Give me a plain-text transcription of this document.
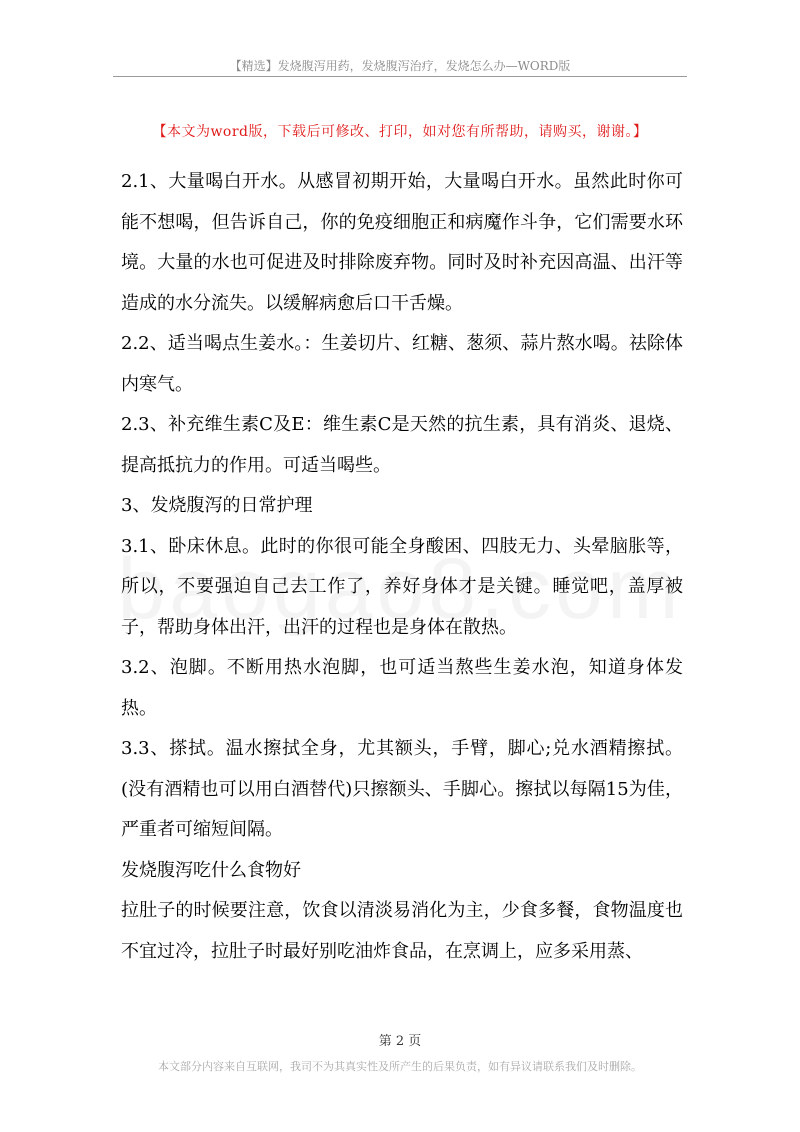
【精选】发烧腹泻用药，发烧腹泻治疗，发烧怎么办—WORD版
【本文为word版，下载后可修改、打印，如对您有所帮助，请购买，谢谢。】

2.1、大量喝白开水。从感冒初期开始，大量喝白开水。虽然此时你可能不想喝，但告诉自己，你的免疫细胞正和病魔作斗争，它们需要水环境。大量的水也可促进及时排除废弃物。同时及时补充因高温、出汗等造成的水分流失。以缓解病愈后口干舌燥。

2.2、适当喝点生姜水。：生姜切片、红糖、葱须、蒜片熬水喝。祛除体内寒气。

2.3、补充维生素C及E：维生素C是天然的抗生素，具有消炎、退烧、提高抵抗力的作用。可适当喝些。

3、发烧腹泻的日常护理

3.1、卧床休息。此时的你很可能全身酸困、四肢无力、头晕脑胀等，所以，不要强迫自己去工作了，养好身体才是关键。睡觉吧，盖厚被子，帮助身体出汗，出汗的过程也是身体在散热。

3.2、泡脚。不断用热水泡脚，也可适当熬些生姜水泡，知道身体发热。

3.3、搽拭。温水擦拭全身，尤其额头，手臂，脚心;兑水酒精擦拭。(没有酒精也可以用白酒替代)只擦额头、手脚心。擦拭以每隔15为佳，严重者可缩短间隔。

发烧腹泻吃什么食物好

拉肚子的时候要注意，饮食以清淡易消化为主，少食多餐，食物温度也不宜过冷，拉肚子时最好别吃油炸食品，在烹调上，应多采用蒸、

第 2 页
本文部分内容来自互联网，我司不为其真实性及所产生的后果负责，如有异议请联系我们及时删除。
